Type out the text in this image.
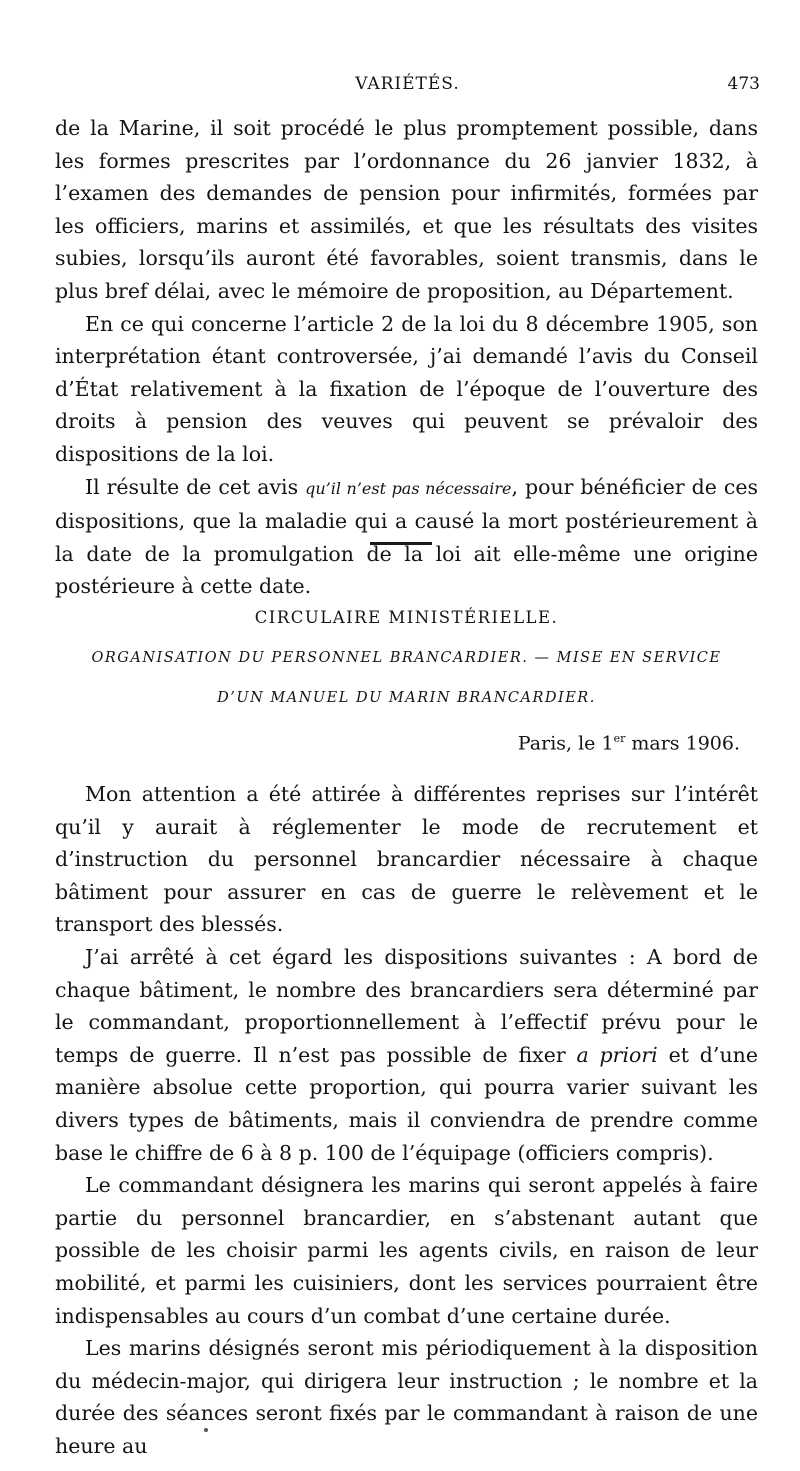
VARIÉTÉS.	473

de la Marine, il soit procédé le plus promptement possible, dans les formes prescrites par l’ordonnance du 26 janvier 1832, à l’examen des demandes de pension pour infirmités, formées par les officiers, marins et assimilés, et que les résultats des visites subies, lorsqu’ils auront été favorables, soient transmis, dans le plus bref délai, avec le mémoire de proposition, au Département.

En ce qui concerne l’article 2 de la loi du 8 décembre 1905, son interprétation étant controversée, j’ai demandé l’avis du Conseil d’État relativement à la fixation de l’époque de l’ouverture des droits à pension des veuves qui peuvent se prévaloir des dispositions de la loi.

Il résulte de cet avis qu’il n’est pas nécessaire, pour bénéficier de ces dispositions, que la maladie qui a causé la mort postérieurement à la date de la promulgation de la loi ait elle-même une origine postérieure à cette date.

CIRCULAIRE MINISTÉRIELLE.
ORGANISATION DU PERSONNEL BRANCARDIER. — MISE EN SERVICE
D’UN MANUEL DU MARIN BRANCARDIER.
Paris, le 1er mars 1906.

Mon attention a été attirée à différentes reprises sur l’intérêt qu’il y aurait à réglementer le mode de recrutement et d’instruction du personnel brancardier nécessaire à chaque bâtiment pour assurer en cas de guerre le relèvement et le transport des blessés.

J’ai arrêté à cet égard les dispositions suivantes : A bord de chaque bâtiment, le nombre des brancardiers sera déterminé par le commandant, proportionnellement à l’effectif prévu pour le temps de guerre. Il n’est pas possible de fixer a priori et d’une manière absolue cette proportion, qui pourra varier suivant les divers types de bâtiments, mais il conviendra de prendre comme base le chiffre de 6 à 8 p. 100 de l’équipage (officiers compris).

Le commandant désignera les marins qui seront appelés à faire partie du personnel brancardier, en s’abstenant autant que possible de les choisir parmi les agents civils, en raison de leur mobilité, et parmi les cuisiniers, dont les services pourraient être indispensables au cours d’un combat d’une certaine durée.

Les marins désignés seront mis périodiquement à la disposition du médecin-major, qui dirigera leur instruction ; le nombre et la durée des séances seront fixés par le commandant à raison de une heure au
